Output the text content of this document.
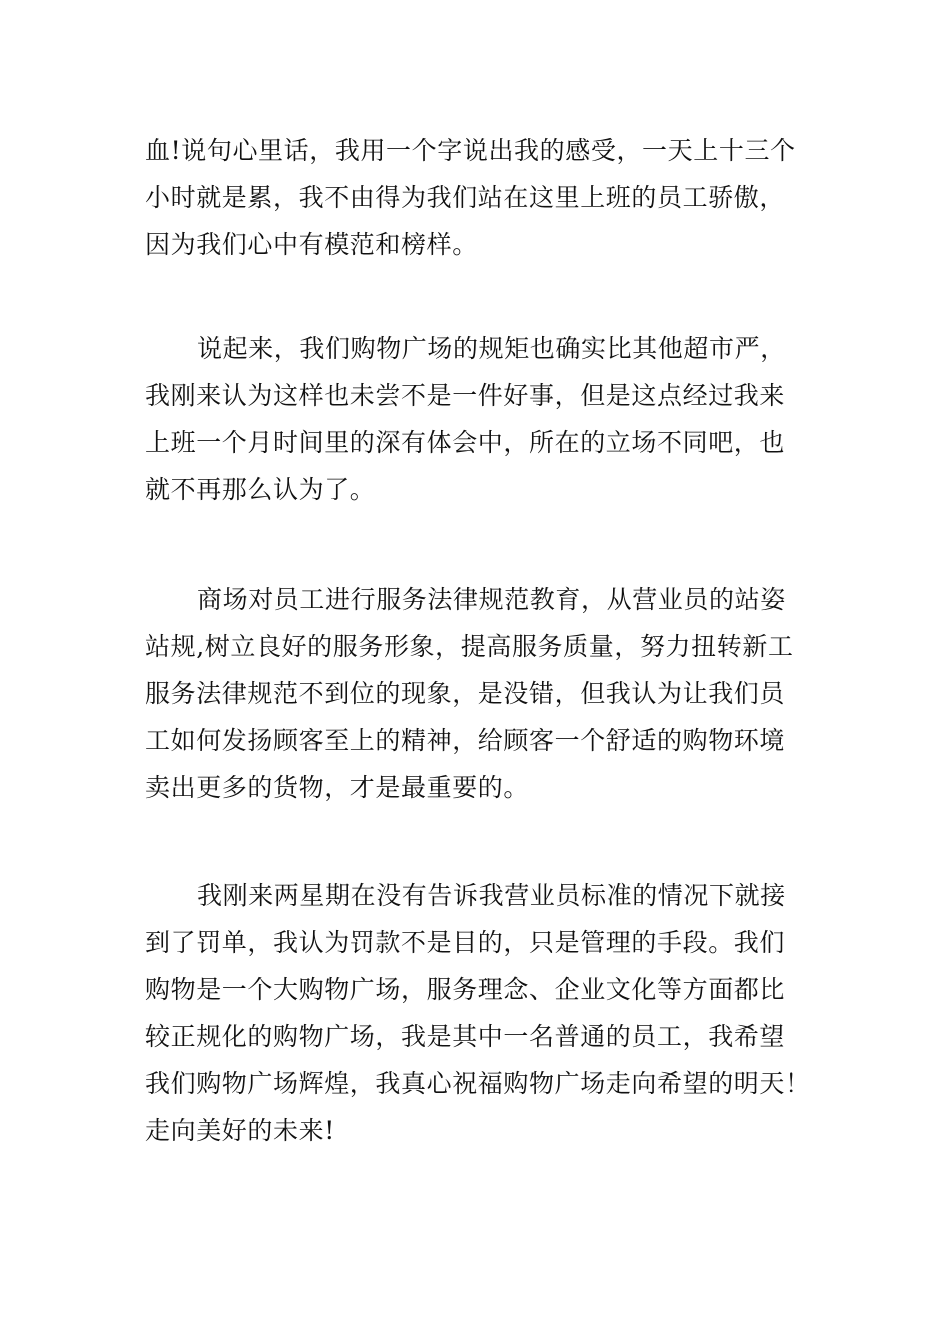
血!说句心里话，我用一个字说出我的感受，一天上十三个
小时就是累，我不由得为我们站在这里上班的员工骄傲，
因为我们心中有模范和榜样。
说起来，我们购物广场的规矩也确实比其他超市严，
我刚来认为这样也未尝不是一件好事，但是这点经过我来
上班一个月时间里的深有体会中，所在的立场不同吧，也
就不再那么认为了。
商场对员工进行服务法律规范教育，从营业员的站姿
站规,树立良好的服务形象，提高服务质量，努力扭转新工
服务法律规范不到位的现象，是没错，但我认为让我们员
工如何发扬顾客至上的精神，给顾客一个舒适的购物环境
卖出更多的货物，才是最重要的。
我刚来两星期在没有告诉我营业员标准的情况下就接
到了罚单，我认为罚款不是目的，只是管理的手段。我们
购物是一个大购物广场，服务理念、企业文化等方面都比
较正规化的购物广场，我是其中一名普通的员工，我希望
我们购物广场辉煌，我真心祝福购物广场走向希望的明天！
走向美好的未来!
